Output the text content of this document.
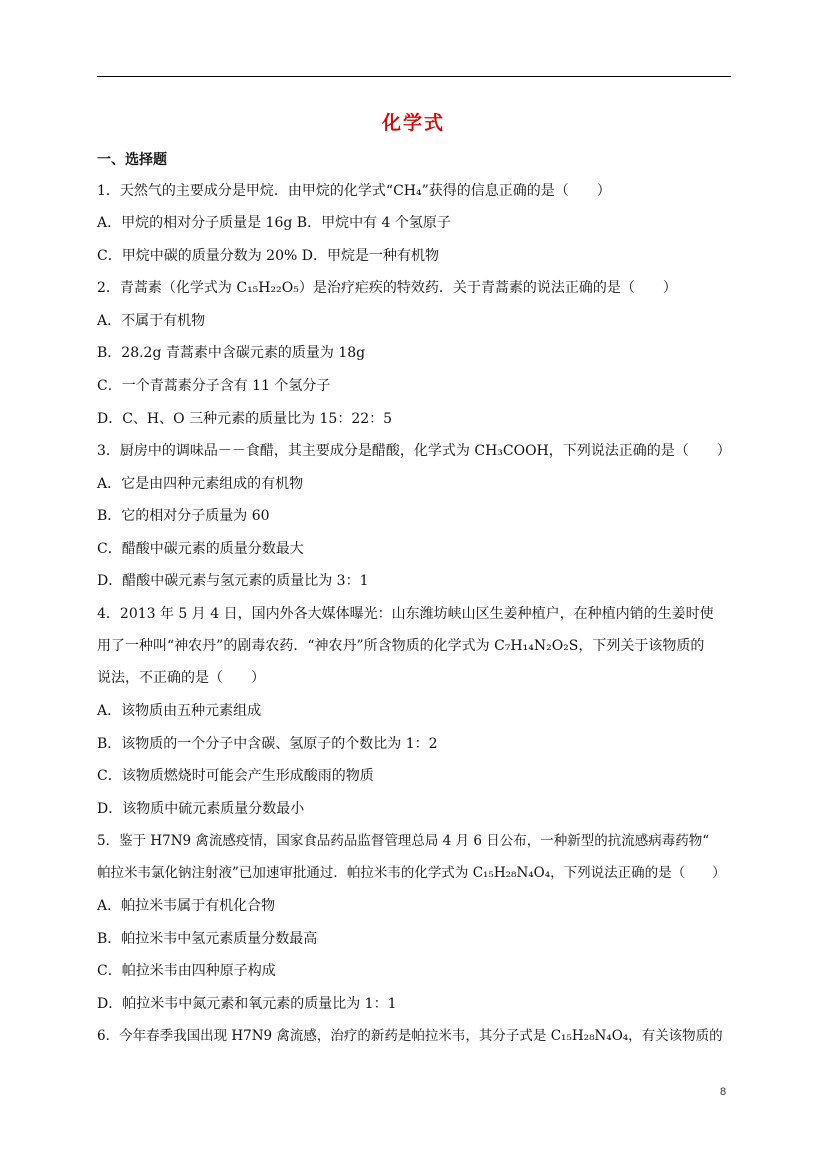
化学式
一、选择题
1．天然气的主要成分是甲烷．由甲烷的化学式“CH₄”获得的信息正确的是（　　）
A．甲烷的相对分子质量是 16g B．甲烷中有 4 个氢原子
C．甲烷中碳的质量分数为 20% D．甲烷是一种有机物
2．青蒿素（化学式为 C₁₅H₂₂O₅）是治疗疟疾的特效药．关于青蒿素的说法正确的是（　　）
A．不属于有机物
B．28.2g 青蒿素中含碳元素的质量为 18g
C．一个青蒿素分子含有 11 个氢分子
D．C、H、O 三种元素的质量比为 15：22：5
3．厨房中的调味品－－食醋，其主要成分是醋酸，化学式为 CH₃COOH，下列说法正确的是（　　）
A．它是由四种元素组成的有机物
B．它的相对分子质量为 60
C．醋酸中碳元素的质量分数最大
D．醋酸中碳元素与氢元素的质量比为 3：1
4．2013 年 5 月 4 日，国内外各大媒体曝光：山东潍坊峡山区生姜种植户，在种植内销的生姜时使
用了一种叫“神农丹”的剧毒农药．“神农丹”所含物质的化学式为 C₇H₁₄N₂O₂S，下列关于该物质的
说法，不正确的是（　　）
A．该物质由五种元素组成
B．该物质的一个分子中含碳、氢原子的个数比为 1：2
C．该物质燃烧时可能会产生形成酸雨的物质
D．该物质中硫元素质量分数最小
5．鉴于 H7N9 禽流感疫情，国家食品药品监督管理总局 4 月 6 日公布，一种新型的抗流感病毒药物“
帕拉米韦氯化钠注射液”已加速审批通过．帕拉米韦的化学式为 C₁₅H₂₈N₄O₄，下列说法正确的是（　　）
A．帕拉米韦属于有机化合物
B．帕拉米韦中氢元素质量分数最高
C．帕拉米韦由四种原子构成
D．帕拉米韦中氮元素和氧元素的质量比为 1：1
6．今年春季我国出现 H7N9 禽流感，治疗的新药是帕拉米韦，其分子式是 C₁₅H₂₈N₄O₄，有关该物质的
8
